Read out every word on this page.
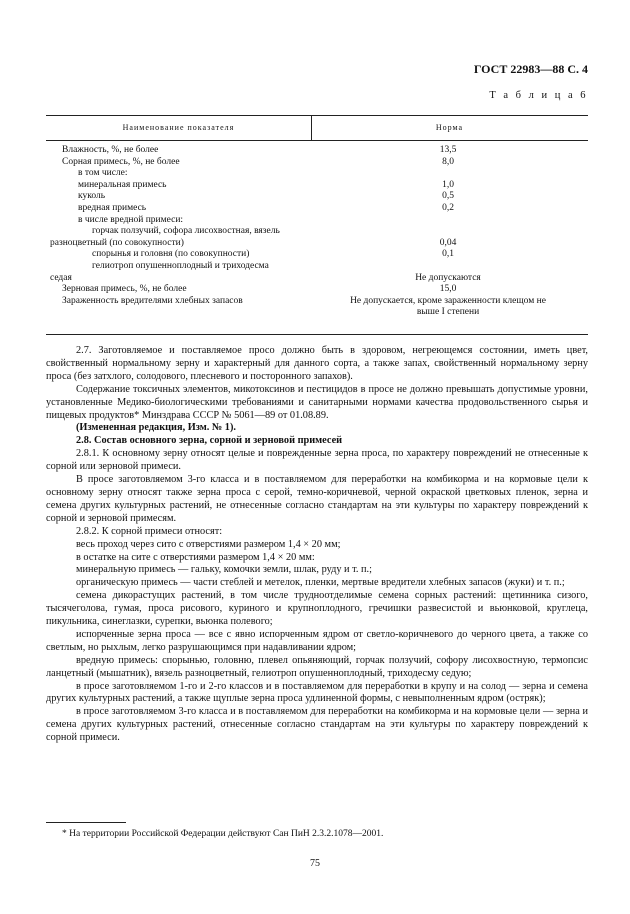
ГОСТ 22983—88 С. 4
Т а б л и ц а 6
Наименование показателя	Норма
Влажность, %, не более	13,5
Сорная примесь, %, не более	8,0
в том числе:
минеральная примесь	1,0
куколь	0,5
вредная примесь	0,2
в числе вредной примеси:
горчак ползучий, софора лисохвостная, вязель
разноцветный (по совокупности)	0,04
спорынья и головня (по совокупности)	0,1
гелиотроп опушеннoплодный и триходесма
седая	Не допускаются
Зерновая примесь, %, не более	15,0
Зараженность вредителями хлебных запасов	Не допускается, кроме зараженности клещом не
выше I степени

2.7. Заготовляемое и поставляемое просо должно быть в здоровом, негреющемся состоянии, иметь цвет, свойственный нормальному зерну и характерный для данного сорта, а также запах, свойственный нормальному зерну проса (без затхлого, солодового, плесневого и посторонного запахов).

Содержание токсичных элементов, микотоксинов и пестицидов в просе не должно превышать допустимые уровни, установленные Медико-биологическими требованиями и санитарными нормами качества продовольственного сырья и пищевых продуктов* Минздрава СССР № 5061—89 от 01.08.89.

(Измененная редакция, Изм. № 1).

2.8. Состав основного зерна, сорной и зерновой примесей

2.8.1. К основному зерну относят целые и поврежденные зерна проса, по характеру повреждений не отнесенные к сорной или зерновой примеси.

В просе заготовляемом 3-го класса и в поставляемом для переработки на комбикорма и на кормовые цели к основному зерну относят также зерна проса с серой, темно-коричневой, черной окраской цветковых пленок, зерна и семена других культурных растений, не отнесенные согласно стандартам на эти культуры по характеру повреждений к сорной и зерновой примесям.

2.8.2. К сорной примеси относят:

весь проход через сито с отверстиями размером 1,4 × 20 мм;

в остатке на сите с отверстиями размером 1,4 × 20 мм:

минеральную примесь — гальку, комочки земли, шлак, руду и т. п.;

органическую примесь — части стеблей и метелок, пленки, мертвые вредители хлебных запасов (жуки) и т. п.;

семена дикорастущих растений, в том числе трудноотделимые семена сорных растений: щетинника сизого, тысячеголова, гумая, проса рисового, куриного и крупноплодного, гречишки развесистой и вьюнковой, круглеца, пикульника, синеглазки, сурепки, вьюнка полевого;

испорченные зерна проса — все с явно испорченным ядром от светло-коричневого до черного цвета, а также со светлым, но рыхлым, легко разрушающимся при надавливании ядром;

вредную примесь: спорынью, головню, плевел опьяняющий, горчак ползучий, софору лисохвостную, термопсис ланцетный (мышатник), вязель разноцветный, гелиотроп опушенноплодный, триходесму седую;

в просе заготовляемом 1-го и 2-го классов и в поставляемом для переработки в крупу и на солод — зерна и семена других культурных растений, а также щуплые зерна проса удлиненной формы, с невыполненным ядром (остряк);

в просе заготовляемом 3-го класса и в поставляемом для переработки на комбикорма и на кормовые цели — зерна и семена других культурных растений, отнесенные согласно стандартам на эти культуры по характеру повреждений к сорной примеси.

* На территории Российской Федерации действуют Сан ПиН 2.3.2.1078—2001.
75
